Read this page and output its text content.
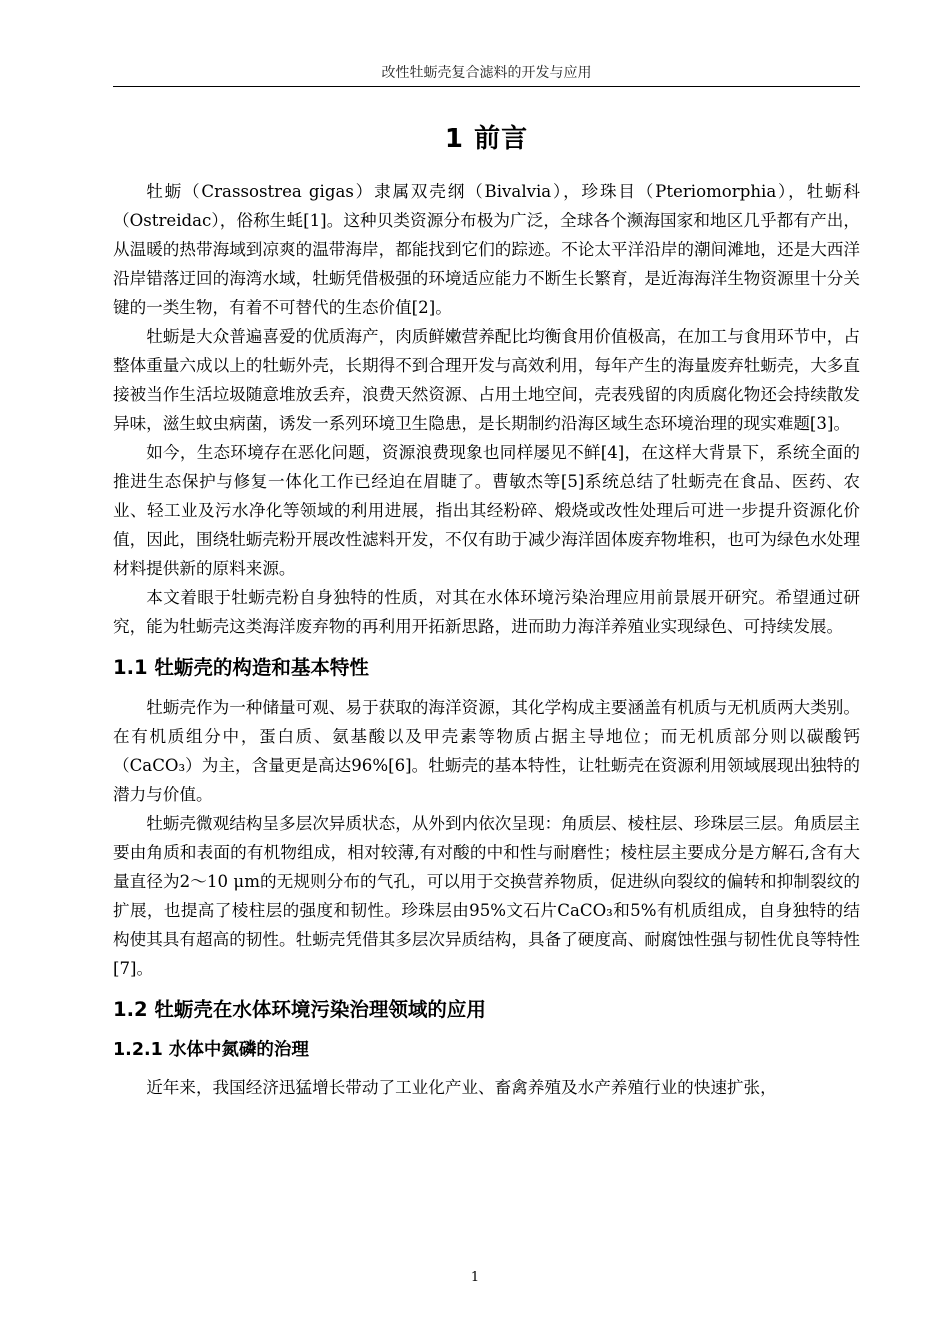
改性牡蛎壳复合滤料的开发与应用
1 前言

牡蛎（Crassostrea gigas）隶属双壳纲（Bivalvia），珍珠目（Pteriomorphia），牡蛎科（Ostreidac），俗称生蚝[1]。这种贝类资源分布极为广泛，全球各个濒海国家和地区几乎都有产出，从温暖的热带海域到凉爽的温带海岸，都能找到它们的踪迹。不论太平洋沿岸的潮间滩地，还是大西洋沿岸错落迂回的海湾水域，牡蛎凭借极强的环境适应能力不断生长繁育，是近海海洋生物资源里十分关键的一类生物，有着不可替代的生态价值[2]。

牡蛎是大众普遍喜爱的优质海产，肉质鲜嫩营养配比均衡食用价值极高，在加工与食用环节中，占整体重量六成以上的牡蛎外壳，长期得不到合理开发与高效利用，每年产生的海量废弃牡蛎壳，大多直接被当作生活垃圾随意堆放丢弃，浪费天然资源、占用土地空间，壳表残留的肉质腐化物还会持续散发异味，滋生蚊虫病菌，诱发一系列环境卫生隐患，是长期制约沿海区域生态环境治理的现实难题[3]。

如今，生态环境存在恶化问题，资源浪费现象也同样屡见不鲜[4]，在这样大背景下，系统全面的推进生态保护与修复一体化工作已经迫在眉睫了。曹敏杰等[5]系统总结了牡蛎壳在食品、医药、农业、轻工业及污水净化等领域的利用进展，指出其经粉碎、煅烧或改性处理后可进一步提升资源化价值，因此，围绕牡蛎壳粉开展改性滤料开发，不仅有助于减少海洋固体废弃物堆积，也可为绿色水处理材料提供新的原料来源。

本文着眼于牡蛎壳粉自身独特的性质，对其在水体环境污染治理应用前景展开研究。希望通过研究，能为牡蛎壳这类海洋废弃物的再利用开拓新思路，进而助力海洋养殖业实现绿色、可持续发展。

1.1 牡蛎壳的构造和基本特性

牡蛎壳作为一种储量可观、易于获取的海洋资源，其化学构成主要涵盖有机质与无机质两大类别。在有机质组分中，蛋白质、氨基酸以及甲壳素等物质占据主导地位；而无机质部分则以碳酸钙（CaCO₃）为主，含量更是高达96%[6]。牡蛎壳的基本特性，让牡蛎壳在资源利用领域展现出独特的潜力与价值。

牡蛎壳微观结构呈多层次异质状态，从外到内依次呈现：角质层、棱柱层、珍珠层三层。角质层主要由角质和表面的有机物组成，相对较薄,有对酸的中和性与耐磨性；棱柱层主要成分是方解石,含有大量直径为2～10 μm的无规则分布的气孔，可以用于交换营养物质，促进纵向裂纹的偏转和抑制裂纹的扩展，也提高了棱柱层的强度和韧性。珍珠层由95%文石片CaCO₃和5%有机质组成，自身独特的结构使其具有超高的韧性。牡蛎壳凭借其多层次异质结构，具备了硬度高、耐腐蚀性强与韧性优良等特性[7]。

1.2 牡蛎壳在水体环境污染治理领域的应用
1.2.1 水体中氮磷的治理

近年来，我国经济迅猛增长带动了工业化产业、畜禽养殖及水产养殖行业的快速扩张，

1
